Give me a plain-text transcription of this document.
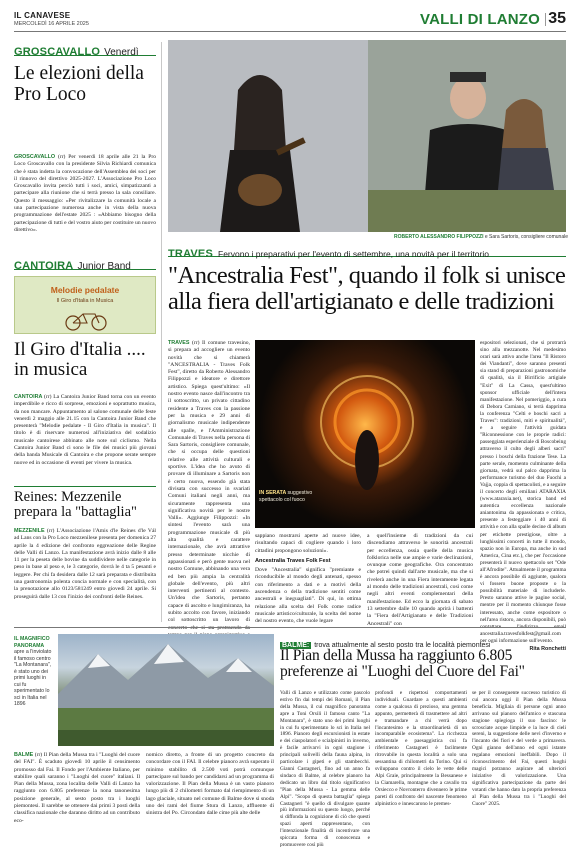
IL CANAVESE
MERCOLEDÌ 16 APRILE 2025	VALLI DI LANZO 35
GROSCAVALLO Venerdì
Le elezioni della Pro Loco
GROSCAVALLO (rr) Per venerdì 18 aprile alle 21 la Pro Loco Groscavallo con la presidente Silvia Richiardi comunica che è stata indetta la convocazione dell'Assemblea dei soci per il rinnovo del direttivo 2025-2027. L'Associazione Pro Loco Groscavallo invita perciò tutti i soci, amici, simpatizzanti a partecipare alla riunione che si terrà presso la sala consiliare. Questo il messaggio: «Per rivitalizzare la comunità locale a una partecipazione numerosa anche in vista della nuova programmazione dell'estate 2025 : «Abbiamo bisogno della partecipazione di tutti e del vostro aiuto per costituire un nuovo direttivo».
CANTOIRA Junior Band
Melodie pedalate
Il Giro d'Italia in Musica
Il Giro d'Italia .... in musica
CANTOIRA (rr) La Cantoira Junior Band torna con un evento imperdibile e ricco di sorprese, emozioni e soprattutto musica, da non mancare. Appuntamento al salone comunale delle feste venerdì 2 maggio alle 21.15 con la Cantoira Junior Band che presenterà "Melodie pedalate - Il Giro d'Italia in musica". Il titolo è di riservare numerosi all'iniziativa del sodalizio musicale cantoirese abbinato alle note sul ciclismo. Nella Cantoira Junior Band ci sono le file dei musici più giovani della banda Musicale di Cantoira e che propone serate sempre nuove ed in occasione di eventi per vivere la musica.
Reines: Mezzenile prepara la "battaglia"
MEZZENILE (rr) L'Associazione l'Amis d'le Reines d'le Vál ad Lans con la Pro Loco mezzenilese presenta per domenica 27 aprile la 4 edizione del confronto eggreazione delle Regine delle Valli di Lanzo. La manifestazione avrà inizio dalle 8 alle 11 per la peseta delle bovine da suddividere nelle categorie in peso in base al peso e, le 3 categorie, dovrà le 4 ta 5 pesanti e leggere. Per chi fa desidera dalle 12 sarà preparata e distribuita una gastronomia polenta concia normale e con specialità, con la prenotazione allo 0123/581249 entro giovedì 24 aprile. Si proseguirà dalle 13 con l'inizio dei confronti delle Reines.
ROBERTO ALESSANDRO FILIPPOZZI e Sara Sartoris, consigliere comunale
TRAVES Fervono i preparativi per l'evento di settembre, una novità per il territorio
"Ancestralia Fest", quando il folk si unisce alla fiera dell'artigianato e delle tradizioni
TRAVES (rr) Il comune travesino, si prepara ad accogliere un evento novità che si chiamerà "ANCESTRALIA - Traves Folk Fest", diretto da Roberto Alessandro Filippozzi e ideatore e direttore artistico. Spiega quest'ultimo: «Il nostro evento nasce dall'incontro tra il sottoscritto, un privato cittadino residente a Traves con la passione per la musica e 29 anni di giornalismo musicale indipendente alle spalle, e l'Amministrazione Comunale di Traves nella persona di Sara Sartoris, consigliere comunale, che si occupa delle questioni relative alle attività culturali e sportive. L'idea che ho avuto di provare di illuminare a Sartoris non è certo nuova, essendo già stata divisata con successo in svariati Comuni italiani negli anni, ma sicuramente rappresenta una significativa novità per le nostre Valli». Aggiunge Filippozzi: «In sintesi l'evento sarà una programmazione musicale di più alta qualità e carattere internazionale, che avrà attrattive presso determinate nicchie di appassionati e però gente nuova nel nostro Comune, abbinando una vera ed ben più ampia la centralità globale dell'evento, più altri interventi pertinenti al contesto. Un'idea che Sartoris, pertanto capace di ascolto e lungimiranza, ha subito accolto con favore, iniziando col sottoscritto un lavoro di
IN SERATA suggestivo spettacolo col fuoco
sappiano mostrarsi aperte ad nuove idee, risultando capaci di cogliere quando i loro cittadini propongono soluzioni».
Ancestralia Traves Folk Fest
Dove "Ancestralia" significa "premiante e riconducibile al mondo degli antenati, spesso con riferimento a dati e a motivi della ascendenza o della tradizione sentiti come ancestrali e ineguagliati". Di qui, in ottima relazione alla scelta del Folk come radice musicale artistico/culturale, la scelta del nome del nostro evento, che vuole legare
a quell'insieme di tradizioni da cui discendiamo attraverso le sonorità ancestrali per eccellenza, ossia quelle della musica folklorica nelle sue ampie e varie declinazioni, ovunque come geografiche. Ora concentrato che potrei quindi dall'arte musicale, ma che si rivelerà anche in una Fiera interamente legata al mondo delle tradizioni ancestrali, così come negli altri eventi complementari della manifestazione. Ed ecco la giornata di sabato 13 settembre dalle 10 quando aprirà i battenti la "Fiera dell'Artigianato e delle Tradizioni Ancestrali" con
espositori selezionati, che si protrarrà sino alla mezzanotte. Nel medesimo orari sarà attivo anche l'area "Il Ristoro dei Viandanti", dove saranno presenti sia stand di preparazioni gastronomiche di qualità, sia il Birrificio artigiale "Exit" di La Cassa, quest'ultimo sponsor ufficiale dell'intera manifestazione. Nel pomeriggio, a cura di Debora Carniano, si terrà dapprima la conferenza "Celti e boschi sacri a Traves": tradizioni, miti e spiritualità", e a seguire l'attività guidata "Riconnessione con le proprie radici: passeggiata esperienziale di Boscobeing attraverso il culto degli alberi sacri" presso i boschi della frazione Tese. La parte serale, momento culminante della giornata, vedrà sul palco dapprima la performance turismo del duo Fuochi a Vajja, coppia di spettacolisti, e a seguire il concerto degli emiliani ATARAXIA (www.ataraxia.net), storica band ed autentica eccellenza nazionale aniantonima da appassionata e critica, presente a festeggiare i 40 anni di attività e con alla spalle decine di album per etichette prestigiose, oltre a lunghissimi concerti in tutte il mondo, spazio non in Europa, ma anche in sud America, Cina etc.), che per l'occasione presenterà il nuovo spettacolo set "Ode all'Afrodite". Attualmente il programma è ancora possibile di aggiunte, qualora vi fossero buone proposte o la possibilità materiale di includerle. Presto saranno attive le pagine social, mentre per il momento chiunque fosse interessato, anche come espositore o nell'area ristoro, ancora disponibili, può ancestralia.travesfolkfest@gmail.com per ogni informazione sull'evento.
Rita Ronchetti
IL MAGNIFICO PANORAMA apre a l'inviolato il famoso centro "La Montanara", è stato uno dei primi luoghi in cui fu sperimentato lo sci in Italia nel 1896
BALME: trova attualmente al sesto posto tra le località piemontesi
Il Pian della Mussa ha raggiunto 6.805 preferenze ai "Luoghi del Cuore del Fai"
BALME (rr) Il Pian della Mussa tra i "Luoghi del cuore del FAI". È scaduto giovedì 10 aprile il censimento promosso dal Fai. Il Fondo per l'Ambiente Italiano, per stabilire quali saranno i "Luoghi del cuore" italiani. Il Pian della Mussa, zona localita delle Valli di Lanzo ha raggiunto con 6.805 preferenze la nona tanonesima posizione generale, al sesto posto tra i luoghi piemontesi. Il sarebbe se ottenere dai primi 3 posti della classifica nazionale che daranno diritto ad un contributo eco-
nomico diretto, a fronte di un progetto concreto da concordare con il FAI. Il celebre pianoro avrà superato il minimo stabilito di 2.500 voti potrà comunque partecipare sul bando per candidarsi ad un programma di valorizzazione. Il Pian della Mussa è un vasto pianoro lungo più di 2 chilometri formato dal riempimento di un lago glaciale, situato nel comune di Balme dove si snoda uno dei rami del fiume Stura di Lanzo, affluente di sinistra del Po. Circondato dalle cime più alte delle
Valli di Lanzo e utilizzato come pascolo estivo fin dai tempi dei Romani, il Pian della Mussa, il cui magnifico panorama apre a Toni Orsili il famoso canto "La Montanara", è stato uno dei primi luoghi in cui fu sperimentato lo sci in Italia nel 1896. Pianoro degli escursionisti in estate e dei ciaspolatori e scialpinisti in inverno, è facile arrivarvi in ogni stagione i principali solivelli della fauna alpina, in particolare i gipeti e gli stambecchi. Gianni Castagneri, fino ad un anno fa sindaco di Balme, al celebre pianoro ha dedicato un libro dal titolo significativo "Pian della Mussa - La gemma delle Alpi". "Scopo di questa battaglia" spiega Castagneri "è quello di divulgare quante più informazioni su questo luogo, perché si diffonda la cognizione di ciò che questi spazi aperti rappresentano, con l'intenzionale finalità di incentivare una spiccata forma di conoscenza e promuovere così più
profondi e rispettosi comportamenti individuali. Guardare a questi ambienti come a qualcosa di prezioso, una gemma appunto, permetterà di trasmettere ad altri e tramandare a chi verrà dopo l'incantesimo e la straordinarietà di un incomparabile ecosistema". La ricchezza ambientale e paesaggistica cui fa riferimento Castagneri è facilmente ritrovabile in questa località a solo una sessantina di chilometri da Torino. Qui si sviluppano contro il cielo le vette delle Alpi Graie, principalmente la Bessanese e la Ciamarella, montagne che a cavallo tra Orsiecco e Novronterro divennero le prime pareti di confronto del nascente fenomeno alpinistico e innescarono le premes-
se per il conseguente successo turistico di cui ancora oggi il Pian della Mussa beneficia. Migliaia di persone ogni anno arrivano sul pianoro dell'amico e stascuna stagione spiegioga il suo fascino: le scrosciate acque limpide e la luce di cieli sereni, la suggestione delle nevi d'inverno e l'incanto dei fiori e del verde a primavera. Ogni gianno dell'anno ed ogni istante regalano emozioni ineffabili. Dopo il riconoscimento del Fai, questi luoghi magici potranno aspirare ad ulteriori iniziative di valorizzazione. Una significativa partecipazione da parte dei votanti che hanno dato la propria preferenza al Pian della Mussa tra i "Luoghi del Cuore" 2025.
